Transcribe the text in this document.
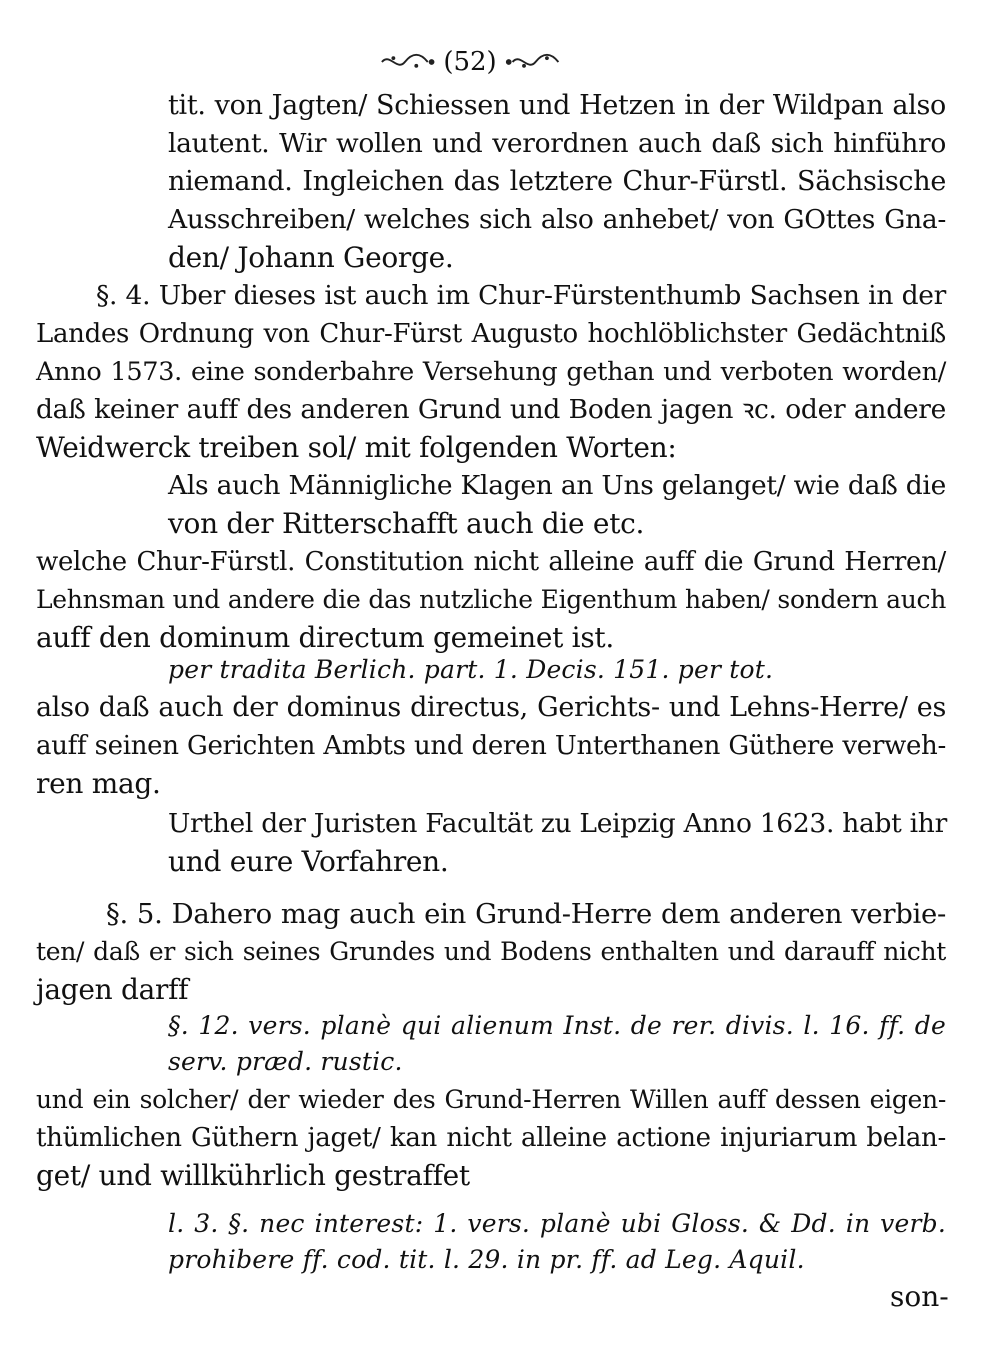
(52)
tit. von Jagten/ Schiessen und Hetzen in der Wildpan also
lautent. Wir wollen und verordnen auch daß sich hinführo
niemand. Ingleichen das letztere Chur-Fürstl. Sächsische
Ausschreiben/ welches sich also anhebet/ von GOttes Gna-
den/ Johann George.
§. 4. Uber dieses ist auch im Chur-Fürstenthumb Sachsen in der
Landes Ordnung von Chur-Fürst Augusto hochlöblichster Gedächtniß
Anno 1573. eine sonderbahre Versehung gethan und verboten worden/
daß keiner auff des anderen Grund und Boden jagen ꝛc. oder andere
Weidwerck treiben sol/ mit folgenden Worten:
Als auch Männigliche Klagen an Uns gelanget/ wie daß die
von der Ritterschafft auch die etc.
welche Chur-Fürstl. Constitution nicht alleine auff die Grund Herren/
Lehnsman und andere die das nutzliche Eigenthum haben/ sondern auch
auff den dominum directum gemeinet ist.
per tradita Berlich. part. 1. Decis. 151. per tot.
also daß auch der dominus directus, Gerichts- und Lehns-Herre/ es
auff seinen Gerichten Ambts und deren Unterthanen Güthere verweh-
ren mag.
Urthel der Juristen Facultät zu Leipzig Anno 1623. habt ihr
und eure Vorfahren.
§. 5. Dahero mag auch ein Grund-Herre dem anderen verbie-
ten/ daß er sich seines Grundes und Bodens enthalten und darauff nicht
jagen darff
§. 12. vers. planè qui alienum Inst. de rer. divis. l. 16. ff. de
serv. præd. rustic.
und ein solcher/ der wieder des Grund-Herren Willen auff dessen eigen-
thümlichen Güthern jaget/ kan nicht alleine actione injuriarum belan-
get/ und willkührlich gestraffet
l. 3. §. nec interest: 1. vers. planè ubi Gloss. & Dd. in verb.
prohibere ff. cod. tit. l. 29. in pr. ff. ad Leg. Aquil.
son-
